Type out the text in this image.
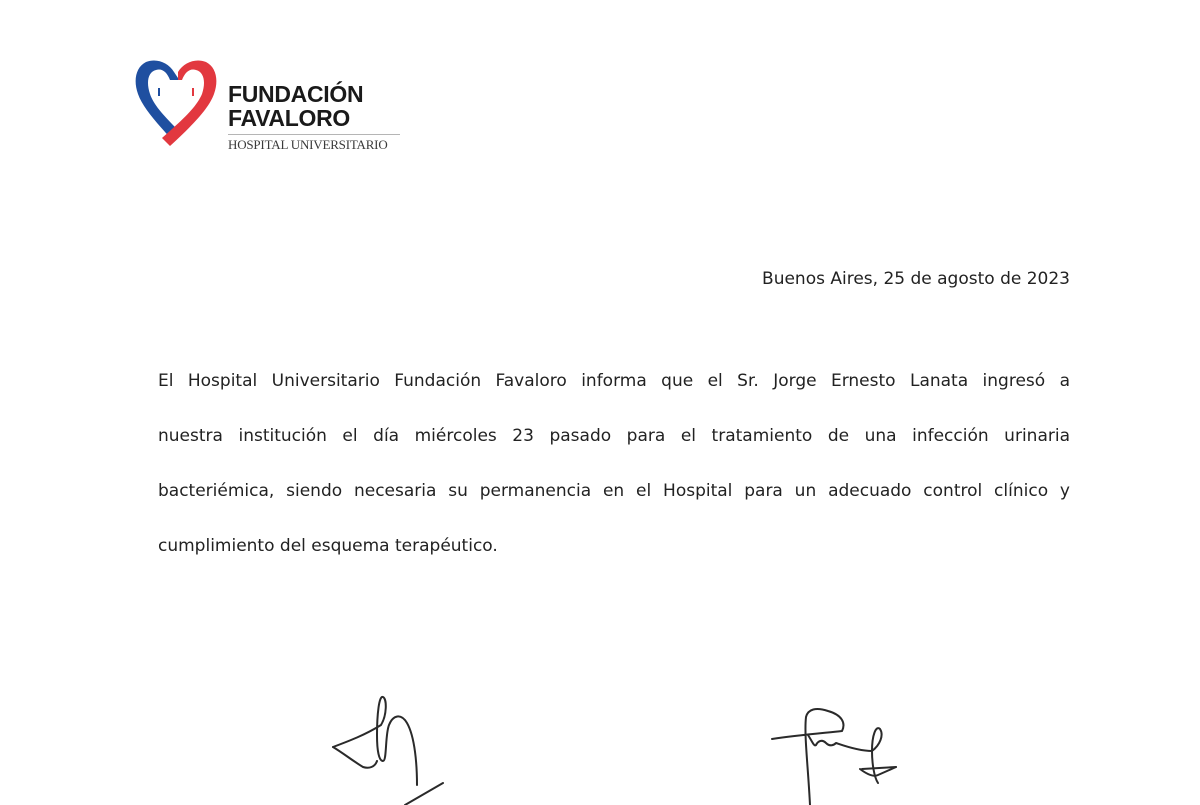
FUNDACIÓN
FAVALORO
HOSPITAL UNIVERSITARIO
Buenos Aires, 25 de agosto de 2023
El Hospital Universitario Fundación Favaloro informa que el Sr. Jorge Ernesto Lanata ingresó a
nuestra institución el día miércoles 23 pasado para el tratamiento de una infección urinaria
bacteriémica, siendo necesaria su permanencia en el Hospital para un adecuado control clínico y
cumplimiento del esquema terapéutico.
